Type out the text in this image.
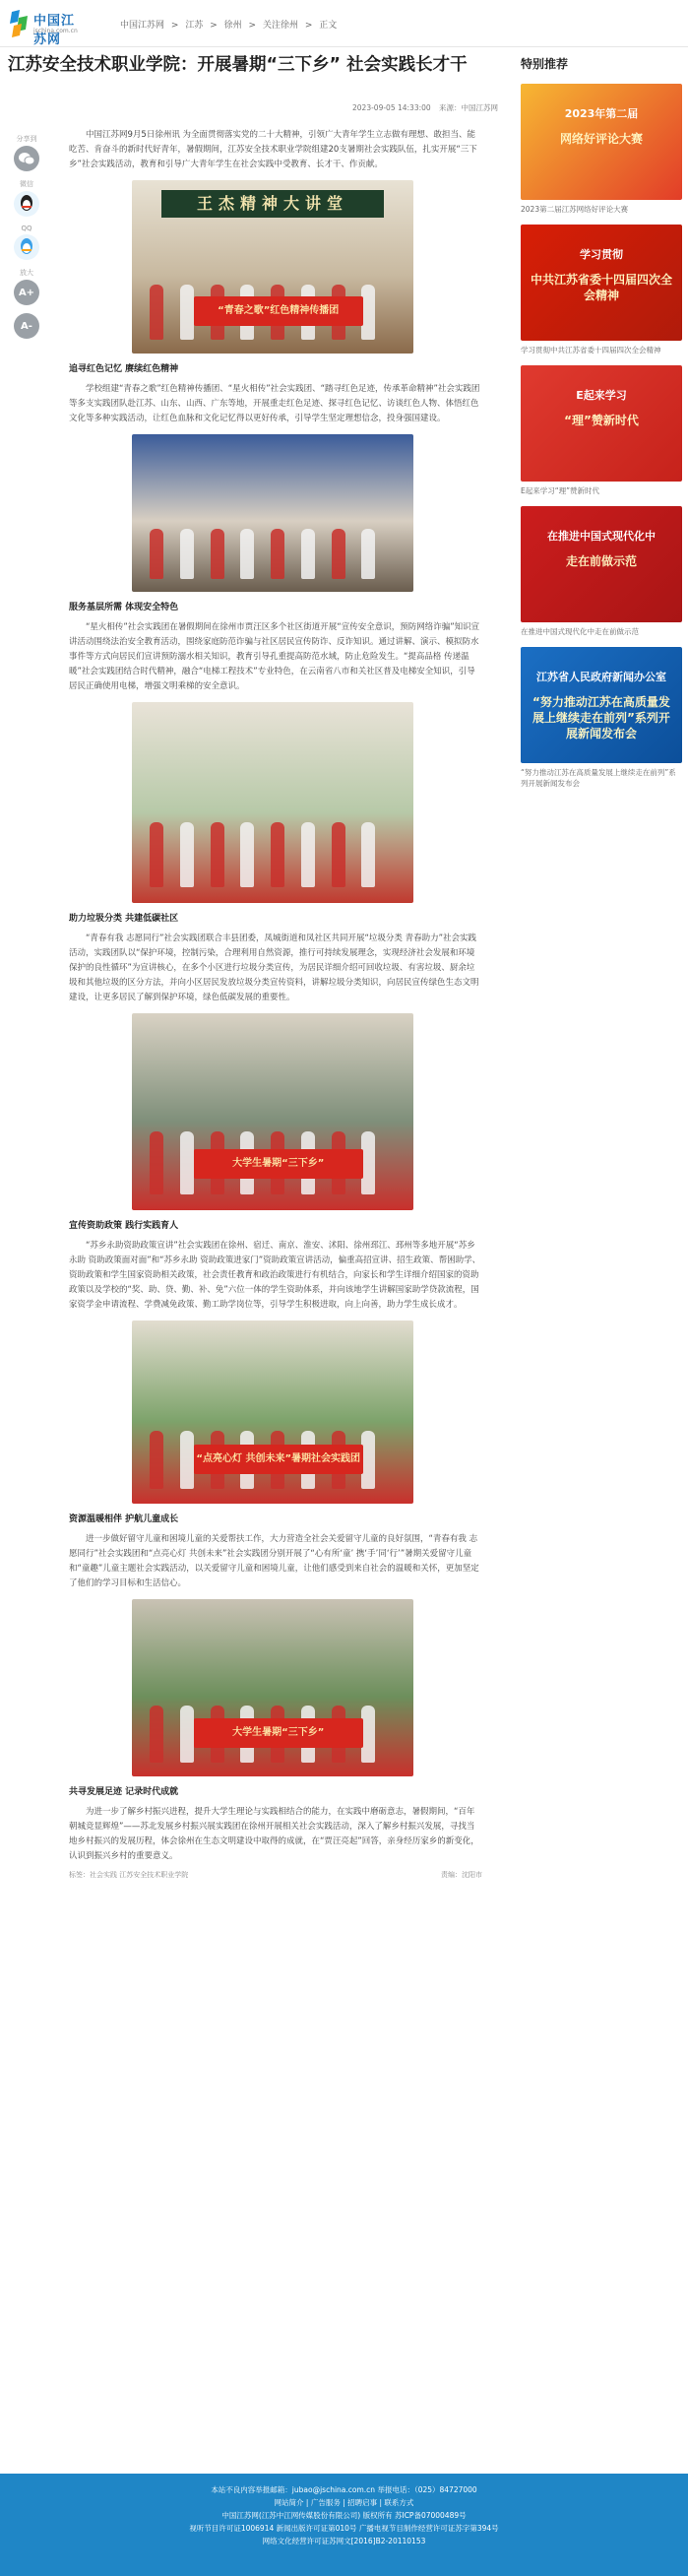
中国江苏网
jschina.com.cn
中国江苏网 > 江苏 > 徐州 > 关注徐州 > 正文
江苏安全技术职业学院：开展暑期“三下乡” 社会实践长才干
2023-09-05 14:33:00 来源：中国江苏网
分享到
微信
QQ
放大
A+
A-

中国江苏网9月5日徐州讯 为全面贯彻落实党的二十大精神，引领广大青年学生立志做有理想、敢担当、能吃苦、肯奋斗的新时代好青年，暑假期间，江苏安全技术职业学院组建20支暑期社会实践队伍，扎实开展“三下乡”社会实践活动，教育和引导广大青年学生在社会实践中受教育、长才干、作贡献。

王杰精神大讲堂
“青春之歌”红色精神传播团
追寻红色记忆 赓续红色精神

学校组建“青春之歌”红色精神传播团、“星火相传”社会实践团、“踏寻红色足迹，传承革命精神”社会实践团等多支实践团队赴江苏、山东、山西、广东等地，开展重走红色足迹、探寻红色记忆、访谈红色人物、体悟红色文化等多种实践活动，让红色血脉和文化记忆得以更好传承，引导学生坚定理想信念，投身强国建设。

服务基层所需 体现安全特色

“星火相传”社会实践团在暑假期间在徐州市贾汪区多个社区街道开展“宣传安全意识，预防网络诈骗”知识宣讲活动围绕法治安全教育活动，围绕家庭防范诈骗与社区居民宣传防诈、反诈知识。通过讲解、演示、模拟防水事件等方式向居民们宣讲预防溺水相关知识，教育引导孔重提高防范水域，防止危险发生。“提高品格 传递温暖”社会实践团结合时代精神，融合“电梯工程技术”专业特色，在云南省八市和关社区普及电梯安全知识，引导居民正确使用电梯，增强文明乘梯的安全意识。

助力垃圾分类 共建低碳社区

“青春有我 志愿同行”社会实践团联合丰县团委，凤城街道和凤社区共同开展“垃圾分类 青春助力”社会实践活动，实践团队以“保护环境，控制污染，合理利用自然资源，推行可持续发展理念，实现经济社会发展和环境保护的良性循环”为宣讲核心，在多个小区进行垃圾分类宣传，为居民详细介绍可回收垃圾、有害垃圾、厨余垃圾和其他垃圾的区分方法，并向小区居民发放垃圾分类宣传资料，讲解垃圾分类知识，向居民宣传绿色生态文明建设，让更多居民了解到保护环境，绿色低碳发展的重要性。

大学生暑期“三下乡”
宣传资助政策 践行实践育人

“苏乡永助资助政策宣讲”社会实践团在徐州、宿迁、南京、淮安、沭阳、徐州邳江、邳州等多地开展“苏乡永助 资助政策面对面”和“苏乡永助 资助政策进家门”资助政策宣讲活动，偏重高招宣讲、招生政策、帮困助学、资助政策和学生国家资助相关政策，社会责任教育和政治政策进行有机结合，向家长和学生详细介绍国家的资助政策以及学校的“奖、助、贷、勤、补、免”六位一体的学生资助体系，并向该地学生讲解国家助学贷款流程，国家资学金申请流程、学费减免政策、勤工助学岗位等，引导学生积极进取，向上向善，助力学生成长成才。

“点亮心灯 共创未来”暑期社会实践团
资源温暖相伴 护航儿童成长

进一步做好留守儿童和困境儿童的关爱帮扶工作，大力营造全社会关爱留守儿童的良好氛围，“青春有我 志愿同行”社会实践团和“点亮心灯 共创未来”社会实践团分别开展了“心有所‘童’ 携‘手’同‘行’”暑期关爱留守儿童和“童趣”儿童主题社会实践活动，以关爱留守儿童和困境儿童，让他们感受到来自社会的温暖和关怀，更加坚定了他们的学习目标和生活信心。

大学生暑期“三下乡”
共寻发展足迹 记录时代成就

为进一步了解乡村振兴进程，提升大学生理论与实践相结合的能力，在实践中磨砺意志，暑假期间，“百年朝城竞显辉煌”——苏北发展乡村振兴展实践团在徐州开展相关社会实践活动，深入了解乡村振兴发展，寻找当地乡村振兴的发展历程，体会徐州在生态文明建设中取得的成就，在“贾汪亮起”回答，亲身经历家乡的新变化，认识到振兴乡村的重要意义。

标签：社会实践 江苏安全技术职业学院	责编：沈阳市
特别推荐
2023年第二届
网络好评论大赛
2023第二届江苏网络好评论大赛
学习贯彻
中共江苏省委十四届四次全会精神
学习贯彻中共江苏省委十四届四次全会精神
E起来学习
“理”赞新时代
E起来学习“理”赞新时代
在推进中国式现代化中
走在前做示范
在推进中国式现代化中走在前做示范
江苏省人民政府新闻办公室
“努力推动江苏在高质量发展上继续走在前列”系列开展新闻发布会
“努力推动江苏在高质量发展上继续走在前列”系列开展新闻发布会
本站不良内容举报邮箱：jubao@jschina.com.cn 举报电话：（025）84727000
网站简介 | 广告服务 | 招聘启事 | 联系方式
中国江苏网(江苏中江网传媒股份有限公司) 版权所有 苏ICP备07000489号
视听节目许可证1006914 新闻出版许可证第010号 广播电视节目制作经营许可证苏字第394号
网络文化经营许可证苏网文[2016]B2-20110153
